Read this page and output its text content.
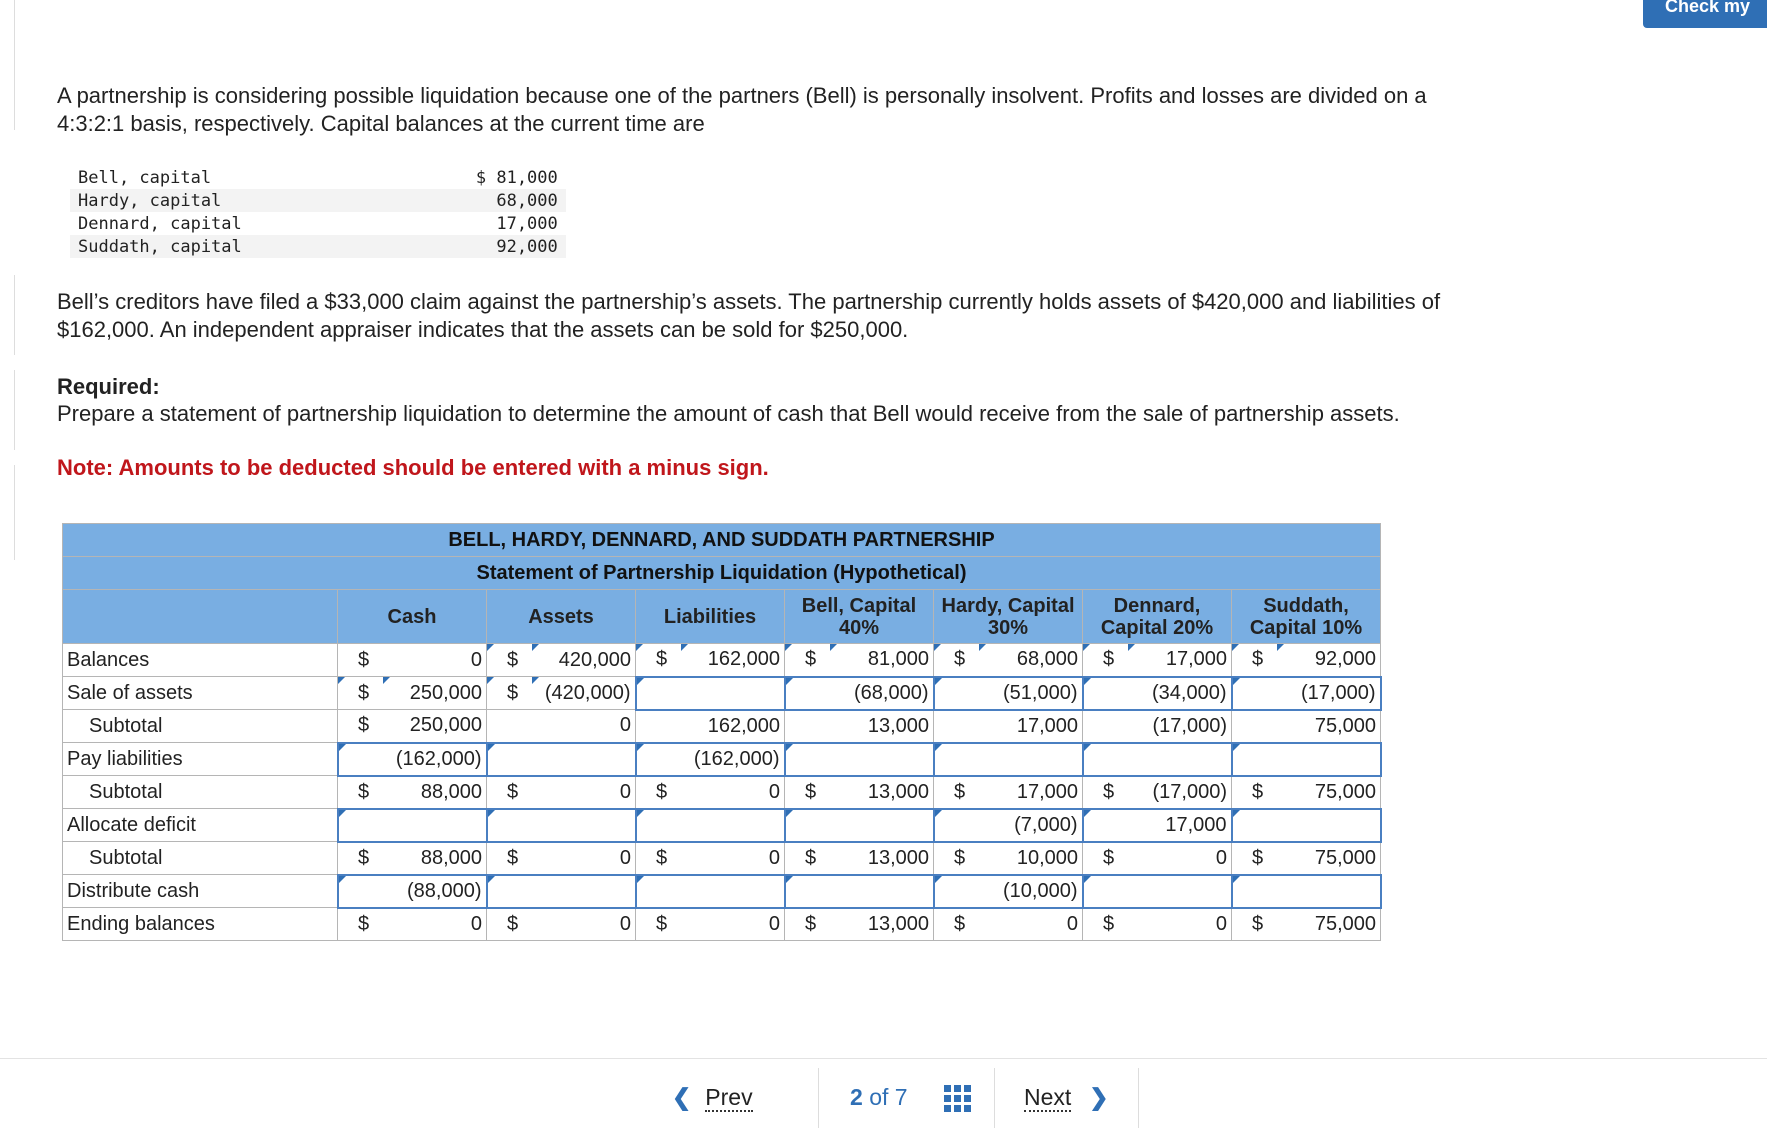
Check my
A partnership is considering possible liquidation because one of the partners (Bell) is personally insolvent. Profits and losses are divided on a 4:3:2:1 basis, respectively. Capital balances at the current time are
Bell, capital	$ 81,000
Hardy, capital	68,000
Dennard, capital	17,000
Suddath, capital	92,000
Bell’s creditors have filed a $33,000 claim against the partnership’s assets. The partnership currently holds assets of $420,000 and liabilities of $162,000. An independent appraiser indicates that the assets can be sold for $250,000.
Required:
Prepare a statement of partnership liquidation to determine the amount of cash that Bell would receive from the sale of partnership assets.
Note: Amounts to be deducted should be entered with a minus sign.
BELL, HARDY, DENNARD, AND SUDDATH PARTNERSHIP														
Statement of Partnership Liquidation (Hypothetical)														
	Cash		Assets		Liabilities		Bell, Capital 40%		Hardy, Capital 30%		Dennard, Capital 20%		Suddath, Capital 10%	
Balances	$	0	$	420,000	$	162,000	$	81,000	$	68,000	$	17,000	$	92,000
Sale of assets	$	250,000	$	(420,000)			(68,000)		(51,000)		(34,000)		(17,000)	
Subtotal	$	250,000		0		162,000		13,000		17,000		(17,000)		75,000
Pay liabilities	(162,000)				(162,000)									
Subtotal	$	88,000	$	0	$	0	$	13,000	$	17,000	$	(17,000)	$	75,000
Allocate deficit									(7,000)		17,000			
Subtotal	$	88,000	$	0	$	0	$	13,000	$	10,000	$	0	$	75,000
Distribute cash	(88,000)								(10,000)					
Ending balances	$	0	$	0	$	0	$	13,000	$	0	$	0	$	75,000
❮ Prev	2 of 7	Next ❯
